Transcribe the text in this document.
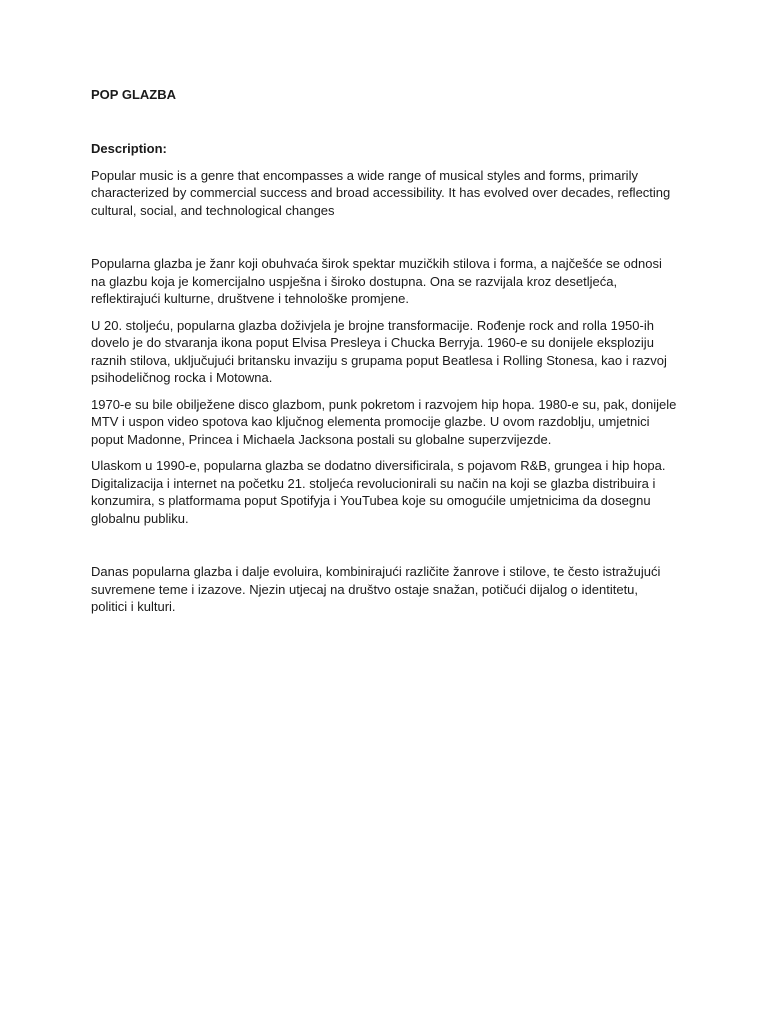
POP GLAZBA

Description:

Popular music is a genre that encompasses a wide range of musical styles and forms, primarily characterized by commercial success and broad accessibility. It has evolved over decades, reflecting cultural, social, and technological changes

Popularna glazba je žanr koji obuhvaća širok spektar muzičkih stilova i forma, a najčešće se odnosi na glazbu koja je komercijalno uspješna i široko dostupna. Ona se razvijala kroz desetljeća, reflektirajući kulturne, društvene i tehnološke promjene.

U 20. stoljeću, popularna glazba doživjela je brojne transformacije. Rođenje rock and rolla 1950-ih dovelo je do stvaranja ikona poput Elvisa Presleya i Chucka Berryja. 1960-e su donijele eksploziju raznih stilova, uključujući britansku invaziju s grupama poput Beatlesa i Rolling Stonesa, kao i razvoj psihodeličnog rocka i Motowna.

1970-e su bile obilježene disco glazbom, punk pokretom i razvojem hip hopa. 1980-e su, pak, donijele MTV i uspon video spotova kao ključnog elementa promocije glazbe. U ovom razdoblju, umjetnici poput Madonne, Princea i Michaela Jacksona postali su globalne superzvijezde.

Ulaskom u 1990-e, popularna glazba se dodatno diversificirala, s pojavom R&B, grungea i hip hopa. Digitalizacija i internet na početku 21. stoljeća revolucionirali su način na koji se glazba distribuira i konzumira, s platformama poput Spotifyja i YouTubea koje su omogućile umjetnicima da dosegnu globalnu publiku.

Danas popularna glazba i dalje evoluira, kombinirajući različite žanrove i stilove, te često istražujući suvremene teme i izazove. Njezin utjecaj na društvo ostaje snažan, potičući dijalog o identitetu, politici i kulturi.
